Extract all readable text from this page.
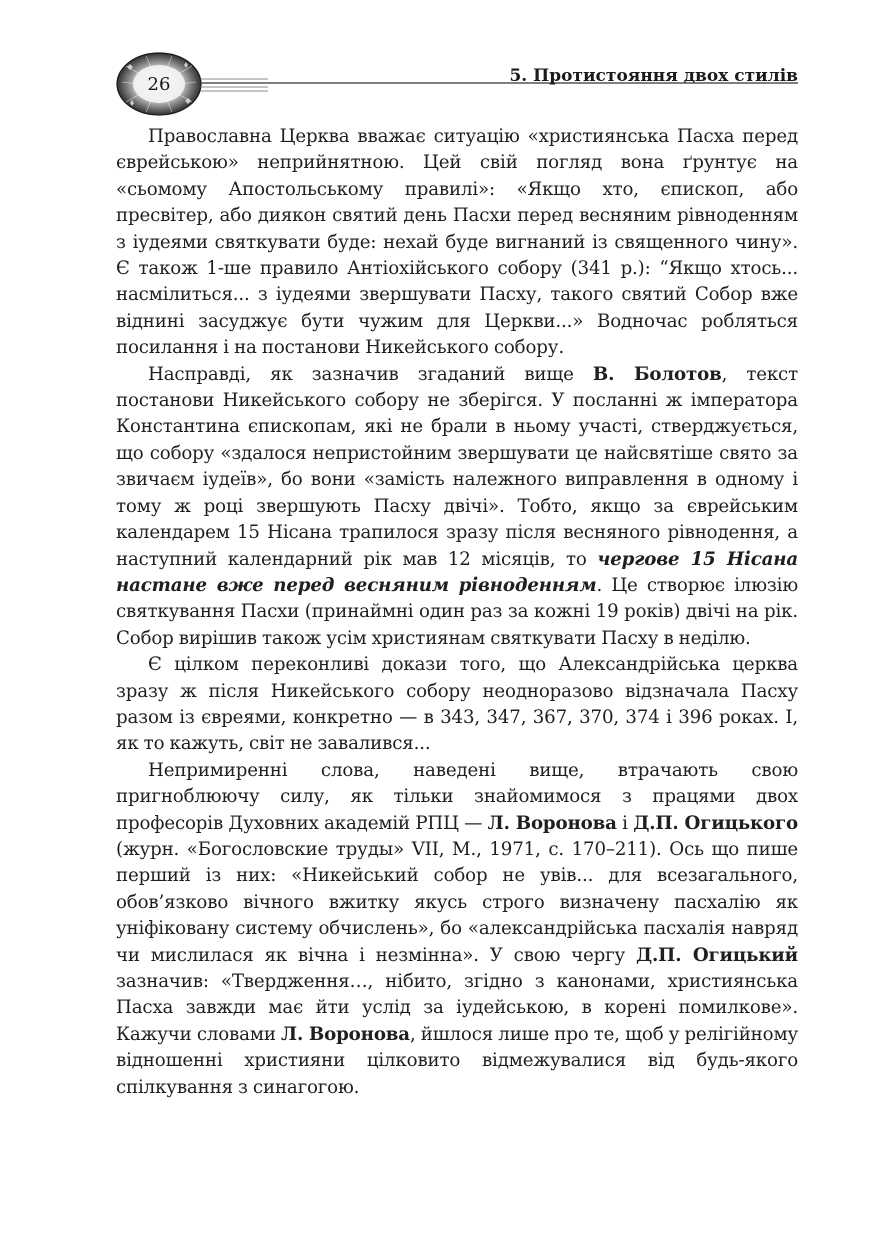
26	5. Протистояння двох стилів

Православна Церква вважає ситуацію «християнська Пасха перед єврейською» неприйнятною. Цей свій погляд вона ґрунтує на «сьомому Апостольському правилі»: «Якщо хто, єпископ, або пресвітер, або диякон святий день Пасхи перед весняним рівноденням з іудеями святкувати буде: нехай буде вигнаний із священного чину». Є також 1-ше правило Антіохійського собору (341 р.): “Якщо хтось... насмілиться... з іудеями звершувати Пасху, такого святий Собор вже віднині засуджує бути чужим для Церкви...» Водночас робляться посилання і на постанови Никейського собору.

Насправді, як зазначив згаданий вище В. Болотов, текст постанови Никейського собору не зберігся. У посланні ж імператора Константина єпископам, які не брали в ньому участі, стверджується, що собору «здалося непристойним звершувати це найсвятіше свято за звичаєм іудеїв», бо вони «замість належного виправлення в одному і тому ж році звершують Пасху двічі». Тобто, якщо за єврейським календарем 15 Нісана трапилося зразу після весняного рівнодення, а наступний календарний рік мав 12 місяців, то чергове 15 Нісана настане вже перед весняним рівноденням. Це створює ілюзію святкування Пасхи (принаймні один раз за кожні 19 років) двічі на рік. Собор вирішив також усім християнам святкувати Пасху в неділю.

Є цілком переконливі докази того, що Александрійська церква зразу ж після Никейського собору неодноразово відзначала Пасху разом із євреями, конкретно — в 343, 347, 367, 370, 374 і 396 роках. І, як то кажуть, світ не завалився...

Непримиренні слова, наведені вище, втрачають свою пригноблюючу силу, як тільки знайомимося з працями двох професорів Духовних академій РПЦ — Л. Воронова і Д.П. Огицького (журн. «Богословские труды» VII, М., 1971, с. 170–211). Ось що пише перший із них: «Никейський собор не увів... для всезагального, обов’язково вічного вжитку якусь строго визначену пасхалію як уніфіковану систему обчислень», бо «александрійська пасхалія навряд чи мислилася як вічна і незмінна». У свою чергу Д.П. Огицький зазначив: «Твердження…, нібито, згідно з канонами, християнська Пасха завжди має йти услід за іудейською, в корені помилкове». Кажучи словами Л. Воронова, йшлося лише про те, щоб у релігійному відношенні християни цілковито відмежувалися від будь-якого спілкування з синагогою.
